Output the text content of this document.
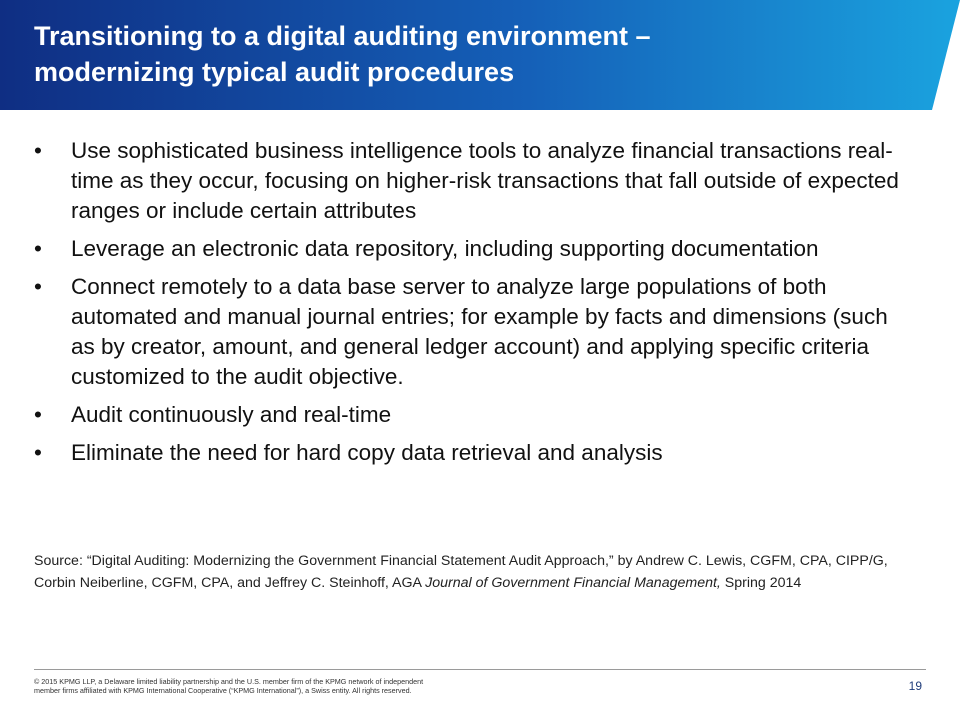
Transitioning to a digital auditing environment –
modernizing typical audit procedures
• Use sophisticated business intelligence tools to analyze financial transactions real-time as they occur, focusing on higher-risk transactions that fall outside of expected ranges or include certain attributes
• Leverage an electronic data repository, including supporting documentation
• Connect remotely to a data base server to analyze large populations of both automated and manual journal entries; for example by facts and dimensions (such as by creator, amount, and general ledger account) and applying specific criteria customized to the audit objective.
• Audit continuously and real-time
• Eliminate the need for hard copy data retrieval and analysis

Source: “Digital Auditing: Modernizing the Government Financial Statement Audit Approach,” by Andrew C. Lewis, CGFM, CPA, CIPP/G, Corbin Neiberline, CGFM, CPA, and Jeffrey C. Steinhoff, AGA Journal of Government Financial Management, Spring 2014

© 2015 KPMG LLP, a Delaware limited liability partnership and the U.S. member firm of the KPMG network of independent
member firms affiliated with KPMG International Cooperative (“KPMG International”), a Swiss entity. All rights reserved.	19
